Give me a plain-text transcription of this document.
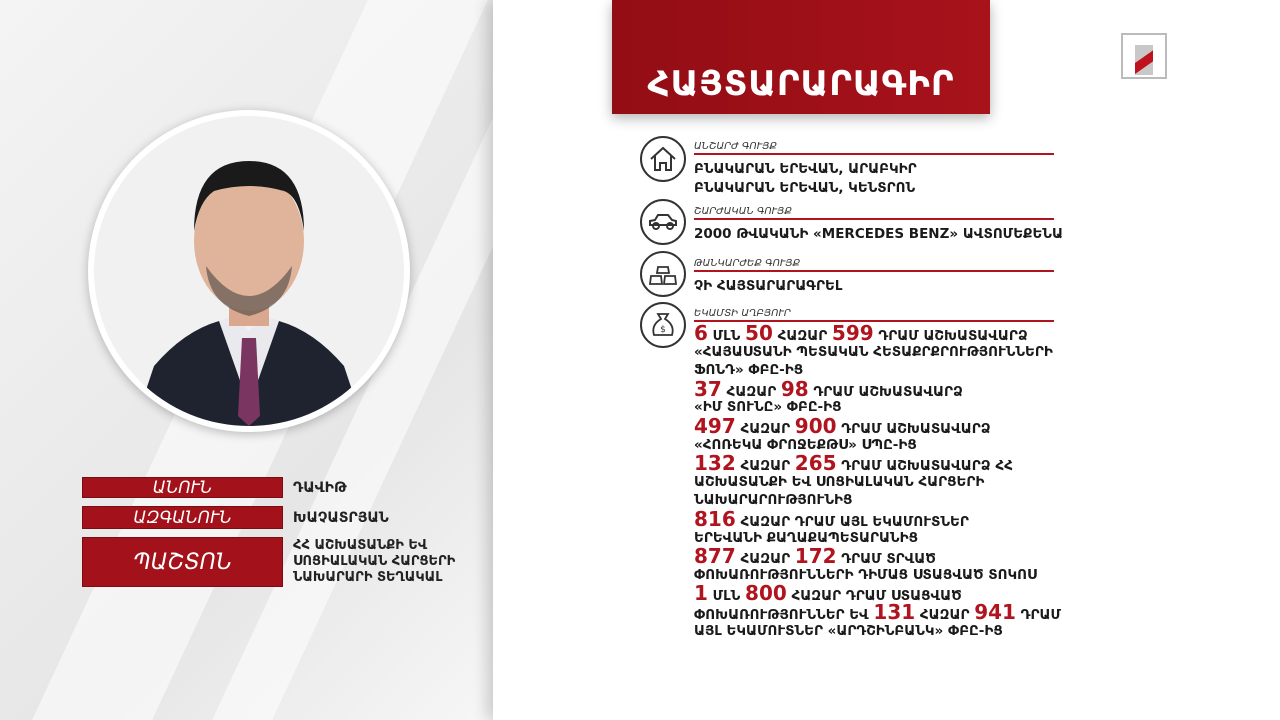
ԱՆՈՒՆ	ԴԱՎԻԹ
ԱԶԳԱՆՈՒՆ	ԽԱՉԱՏՐՅԱՆ
ՊԱՇՏՈՆ
ՀՀ ԱՇԽԱՏԱՆՔԻ ԵՎ
ՍՈՑԻԱԼԱԿԱՆ ՀԱՐՑԵՐԻ
ՆԱԽԱՐԱՐԻ ՏԵՂԱԿԱԼ
ՀԱՅՏԱՐԱՐԱԳԻՐ
ԱՆՇԱՐԺ ԳՈՒՅՔ
ԲՆԱԿԱՐԱՆ ԵՐԵՎԱՆ, ԱՐԱԲԿԻՐ
ԲՆԱԿԱՐԱՆ ԵՐԵՎԱՆ, ԿԵՆՏՐՈՆ
ՇԱՐԺԱԿԱՆ ԳՈՒՅՔ
2000 ԹՎԱԿԱՆԻ «MERCEDES BENZ» ԱՎՏՈՄԵՔԵՆԱ
ԹԱՆԿԱՐԺԵՔ ԳՈՒՅՔ
ՉԻ ՀԱՅՏԱՐԱՐԱԳՐԵԼ
$
ԵԿԱՄՏԻ ԱՂԲՅՈՒՐ
6 ՄԼՆ 50 ՀԱԶԱՐ 599 ԴՐԱՄ ԱՇԽԱՏԱՎԱՐՁ
«ՀԱՅԱՍՏԱՆԻ ՊԵՏԱԿԱՆ ՀԵՏԱՔՐՔՐՈՒԹՅՈՒՆՆԵՐԻ
ՖՈՆԴ» ՓԲԸ-ԻՑ
37 ՀԱԶԱՐ 98 ԴՐԱՄ ԱՇԽԱՏԱՎԱՐՁ
«ԻՄ ՏՈՒՆԸ» ՓԲԸ-ԻՑ
497 ՀԱԶԱՐ 900 ԴՐԱՄ ԱՇԽԱՏԱՎԱՐՁ
«ՀՈՌԵԿԱ ՓՐՈՋԵՔԹՍ» ՍՊԸ-ԻՑ
132 ՀԱԶԱՐ 265 ԴՐԱՄ ԱՇԽԱՏԱՎԱՐՁ ՀՀ
ԱՇԽԱՏԱՆՔԻ ԵՎ ՍՈՑԻԱԼԱԿԱՆ ՀԱՐՑԵՐԻ
ՆԱԽԱՐԱՐՈՒԹՅՈՒՆԻՑ
816 ՀԱԶԱՐ ԴՐԱՄ ԱՅԼ ԵԿԱՄՈՒՏՆԵՐ
ԵՐԵՎԱՆԻ ՔԱՂԱՔԱՊԵՏԱՐԱՆԻՑ
877 ՀԱԶԱՐ 172 ԴՐԱՄ ՏՐՎԱԾ
ՓՈԽԱՌՈՒԹՅՈՒՆՆԵՐԻ ԴԻՄԱՑ ՍՏԱՑՎԱԾ ՏՈԿՈՍ
1 ՄԼՆ 800 ՀԱԶԱՐ ԴՐԱՄ ՍՏԱՑՎԱԾ
ՓՈԽԱՌՈՒԹՅՈՒՆՆԵՐ ԵՎ 131 ՀԱԶԱՐ 941 ԴՐԱՄ
ԱՅԼ ԵԿԱՄՈՒՏՆԵՐ «ԱՐԴՇԻՆԲԱՆԿ» ՓԲԸ-ԻՑ
